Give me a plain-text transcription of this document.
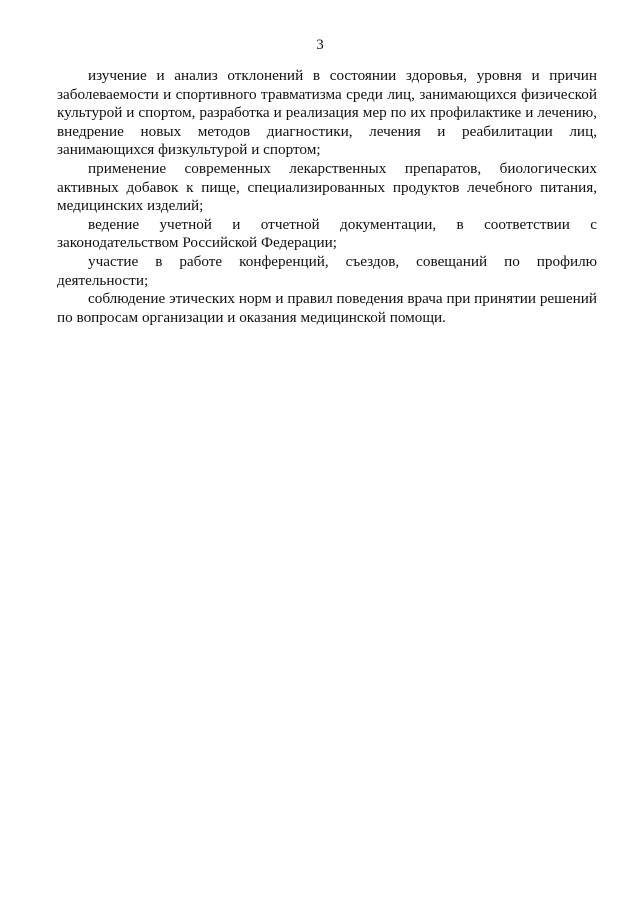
3

изучение и анализ отклонений в состоянии здоровья, уровня и причин заболеваемости и спортивного травматизма среди лиц, занимающихся физической культурой и спортом, разработка и реализация мер по их профилактике и лечению, внедрение новых методов диагностики, лечения и реабилитации лиц, занимающихся физкультурой и спортом;

применение современных лекарственных препаратов, биологических активных добавок к пище, специализированных продуктов лечебного питания, медицинских изделий;

ведение учетной и отчетной документации, в соответствии с законодательством Российской Федерации;

участие в работе конференций, съездов, совещаний по профилю деятельности;

соблюдение этических норм и правил поведения врача при принятии решений по вопросам организации и оказания медицинской помощи.
